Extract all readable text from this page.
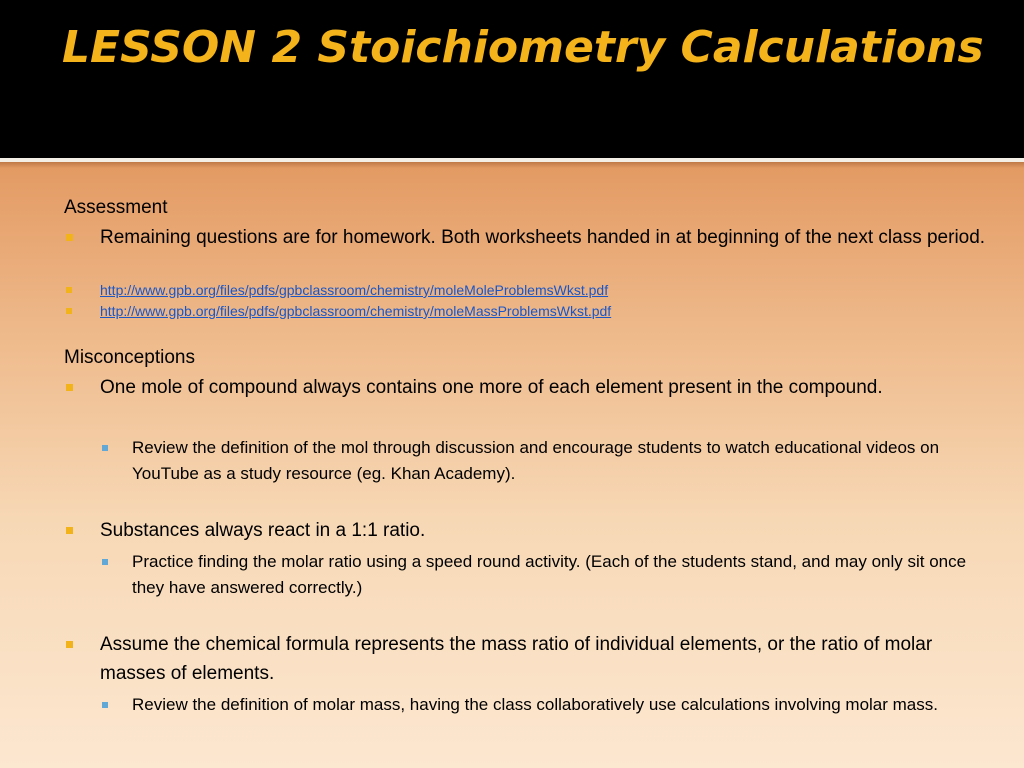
LESSON 2 Stoichiometry Calculations
Assessment
Remaining questions are for homework. Both worksheets handed in at beginning of the next class period.
http://www.gpb.org/files/pdfs/gpbclassroom/chemistry/moleMoleProblemsWkst.pdf
http://www.gpb.org/files/pdfs/gpbclassroom/chemistry/moleMassProblemsWkst.pdf
Misconceptions
One mole of compound always contains one more of each element present in the compound.
Review the definition of the mol through discussion and encourage students to watch educational videos on YouTube as a study resource (eg. Khan Academy).
Substances always react in a 1:1 ratio.
Practice finding the molar ratio using a speed round activity. (Each of the students stand, and may only sit once they have answered correctly.)
Assume the chemical formula represents the mass ratio of individual elements, or the ratio of molar masses of elements.
Review the definition of molar mass, having the class collaboratively use calculations involving molar mass.
